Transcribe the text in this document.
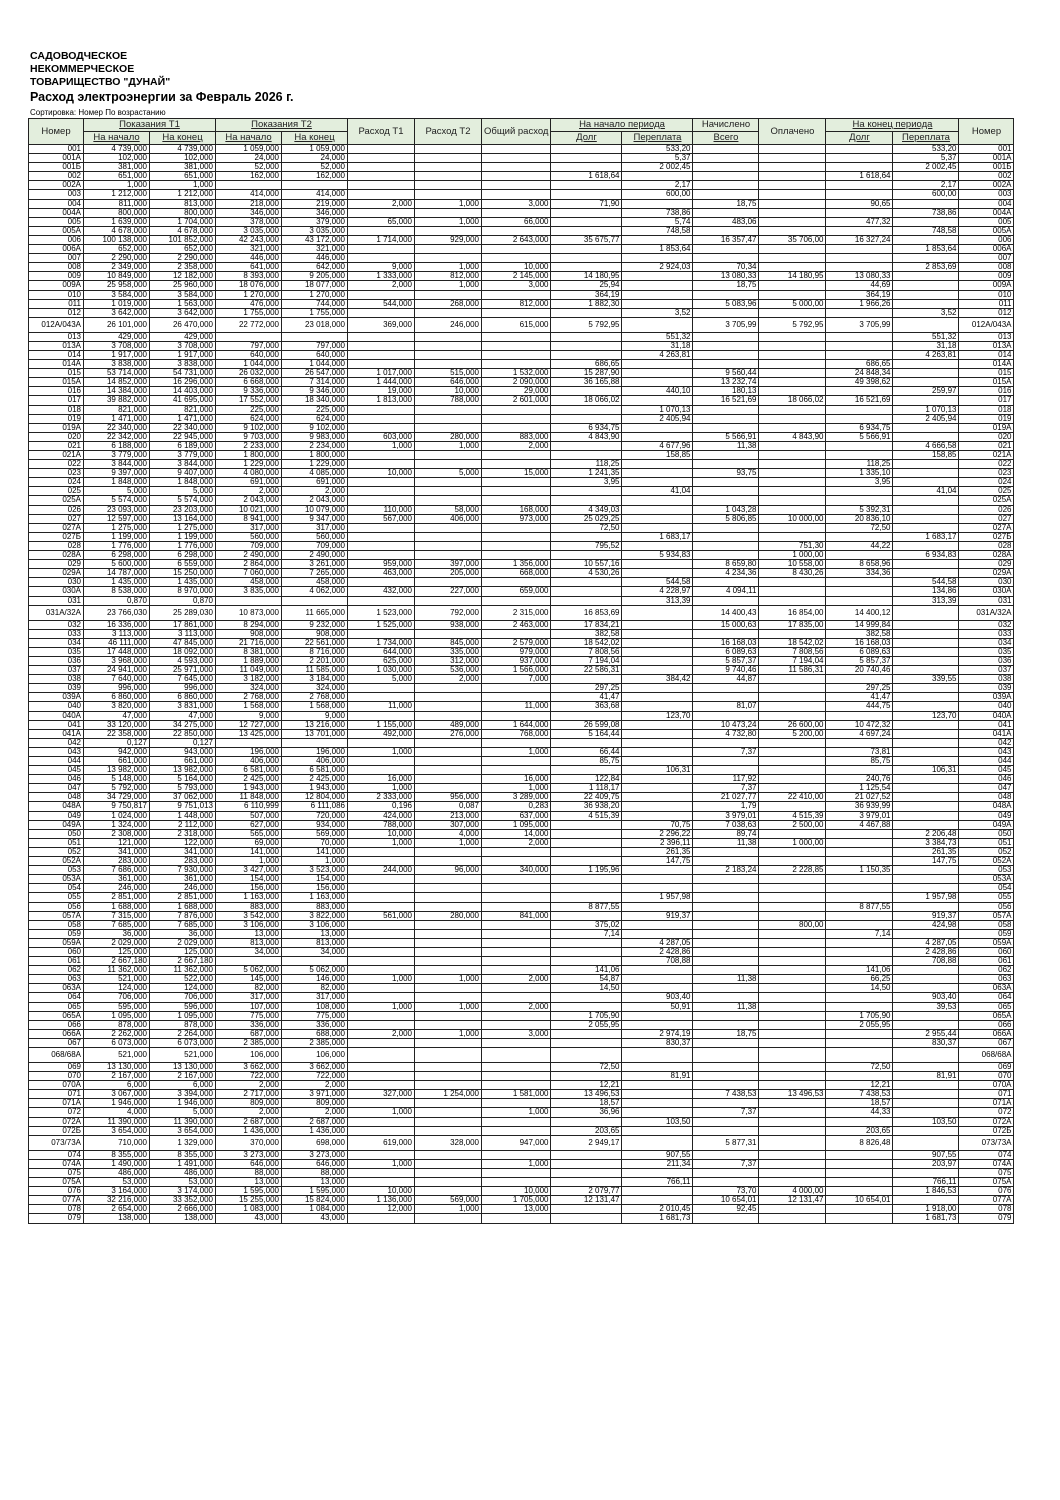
САДОВОДЧЕСКОЕ
НЕКОММЕРЧЕСКОЕ
ТОВАРИЩЕСТВО "ДУНАЙ"
Расход электроэнергии за Февраль 2026 г.
Сортировка: Номер По возрастанию
Номер	Показания Т1		Показания Т2		Расход Т1	Расход Т2	Общий расход	На начало периода		Начислено	Оплачено	На конец периода		Номер
	На начало	На конец	На начало	На конец				Долг	Переплата	Всего		Долг	Переплата	
001	4 739,000	4 739,000	1 059,000	1 059,000					533,20				533,20	001
001А	102,000	102,000	24,000	24,000					5,37				5,37	001А
001Б	381,000	381,000	52,000	52,000					2 002,45				2 002,45	001Б
002	651,000	651,000	162,000	162,000				1 618,64				1 618,64		002
002А	1,000	1,000							2,17				2,17	002А
003	1 212,000	1 212,000	414,000	414,000					600,00				600,00	003
004	811,000	813,000	218,000	219,000	2,000	1,000	3,000	71,90		18,75		90,65		004
004А	800,000	800,000	346,000	346,000					738,86				738,86	004А
005	1 639,000	1 704,000	378,000	379,000	65,000	1,000	66,000		5,74	483,06		477,32		005
005А	4 678,000	4 678,000	3 035,000	3 035,000					748,58				748,58	005А
006	100 138,000	101 852,000	42 243,000	43 172,000	1 714,000	929,000	2 643,000	35 675,77		16 357,47	35 706,00	16 327,24		006
006А	652,000	652,000	321,000	321,000					1 853,64				1 853,64	006А
007	2 290,000	2 290,000	446,000	446,000										007
008	2 349,000	2 358,000	641,000	642,000	9,000	1,000	10,000		2 924,03	70,34			2 853,69	008
009	10 849,000	12 182,000	8 393,000	9 205,000	1 333,000	812,000	2 145,000	14 180,95		13 080,33	14 180,95	13 080,33		009
009А	25 958,000	25 960,000	18 076,000	18 077,000	2,000	1,000	3,000	25,94		18,75		44,69		009А
010	3 584,000	3 584,000	1 270,000	1 270,000				364,19				364,19		010
011	1 019,000	1 563,000	476,000	744,000	544,000	268,000	812,000	1 882,30		5 083,96	5 000,00	1 966,26		011
012	3 642,000	3 642,000	1 755,000	1 755,000					3,52				3,52	012
012А/043А	26 101,000	26 470,000	22 772,000	23 018,000	369,000	246,000	615,000	5 792,95		3 705,99	5 792,95	3 705,99		012А/043А
013	429,000	429,000							551,32				551,32	013
013А	3 708,000	3 708,000	797,000	797,000					31,18				31,18	013А
014	1 917,000	1 917,000	640,000	640,000					4 263,81				4 263,81	014
014А	3 838,000	3 838,000	1 044,000	1 044,000				686,65				686,65		014А
015	53 714,000	54 731,000	26 032,000	26 547,000	1 017,000	515,000	1 532,000	15 287,90		9 560,44		24 848,34		015
015А	14 852,000	16 296,000	6 668,000	7 314,000	1 444,000	646,000	2 090,000	36 165,88		13 232,74		49 398,62		015А
016	14 384,000	14 403,000	9 336,000	9 346,000	19,000	10,000	29,000		440,10	180,13			259,97	016
017	39 882,000	41 695,000	17 552,000	18 340,000	1 813,000	788,000	2 601,000	18 066,02		16 521,69	18 066,02	16 521,69		017
018	821,000	821,000	225,000	225,000					1 070,13				1 070,13	018
019	1 471,000	1 471,000	624,000	624,000					2 405,94				2 405,94	019
019А	22 340,000	22 340,000	9 102,000	9 102,000				6 934,75				6 934,75		019А
020	22 342,000	22 945,000	9 703,000	9 983,000	603,000	280,000	883,000	4 843,90		5 566,91	4 843,90	5 566,91		020
021	6 188,000	6 189,000	2 233,000	2 234,000	1,000	1,000	2,000		4 677,96	11,38			4 666,58	021
021А	3 779,000	3 779,000	1 800,000	1 800,000					158,85				158,85	021А
022	3 844,000	3 844,000	1 229,000	1 229,000				118,25				118,25		022
023	9 397,000	9 407,000	4 080,000	4 085,000	10,000	5,000	15,000	1 241,35		93,75		1 335,10		023
024	1 848,000	1 848,000	691,000	691,000				3,95				3,95		024
025	5,000	5,000	2,000	2,000					41,04				41,04	025
025А	5 574,000	5 574,000	2 043,000	2 043,000										025А
026	23 093,000	23 203,000	10 021,000	10 079,000	110,000	58,000	168,000	4 349,03		1 043,28		5 392,31		026
027	12 597,000	13 164,000	8 941,000	9 347,000	567,000	406,000	973,000	25 029,25		5 806,85	10 000,00	20 836,10		027
027А	1 275,000	1 275,000	317,000	317,000				72,50				72,50		027А
027Б	1 199,000	1 199,000	560,000	560,000					1 683,17				1 683,17	027Б
028	1 776,000	1 776,000	709,000	709,000				795,52			751,30	44,22		028
028А	6 298,000	6 298,000	2 490,000	2 490,000					5 934,83		1 000,00		6 934,83	028А
029	5 600,000	6 559,000	2 864,000	3 261,000	959,000	397,000	1 356,000	10 557,16		8 659,80	10 558,00	8 658,96		029
029А	14 787,000	15 250,000	7 060,000	7 265,000	463,000	205,000	668,000	4 530,26		4 234,36	8 430,26	334,36		029А
030	1 435,000	1 435,000	458,000	458,000					544,58				544,58	030
030А	8 538,000	8 970,000	3 835,000	4 062,000	432,000	227,000	659,000		4 228,97	4 094,11			134,86	030А
031	0,870	0,870							313,39				313,39	031
031А/32А	23 766,030	25 289,030	10 873,000	11 665,000	1 523,000	792,000	2 315,000	16 853,69		14 400,43	16 854,00	14 400,12		031А/32А
032	16 336,000	17 861,000	8 294,000	9 232,000	1 525,000	938,000	2 463,000	17 834,21		15 000,63	17 835,00	14 999,84		032
033	3 113,000	3 113,000	908,000	908,000				382,58				382,58		033
034	46 111,000	47 845,000	21 716,000	22 561,000	1 734,000	845,000	2 579,000	18 542,02		16 168,03	18 542,02	16 168,03		034
035	17 448,000	18 092,000	8 381,000	8 716,000	644,000	335,000	979,000	7 808,56		6 089,63	7 808,56	6 089,63		035
036	3 968,000	4 593,000	1 889,000	2 201,000	625,000	312,000	937,000	7 194,04		5 857,37	7 194,04	5 857,37		036
037	24 941,000	25 971,000	11 049,000	11 585,000	1 030,000	536,000	1 566,000	22 586,31		9 740,46	11 586,31	20 740,46		037
038	7 640,000	7 645,000	3 182,000	3 184,000	5,000	2,000	7,000		384,42	44,87			339,55	038
039	996,000	996,000	324,000	324,000				297,25				297,25		039
039А	6 860,000	6 860,000	2 768,000	2 768,000				41,47				41,47		039А
040	3 820,000	3 831,000	1 568,000	1 568,000	11,000		11,000	363,68		81,07		444,75		040
040А	47,000	47,000	9,000	9,000					123,70				123,70	040А
041	33 120,000	34 275,000	12 727,000	13 216,000	1 155,000	489,000	1 644,000	26 599,08		10 473,24	26 600,00	10 472,32		041
041А	22 358,000	22 850,000	13 425,000	13 701,000	492,000	276,000	768,000	5 164,44		4 732,80	5 200,00	4 697,24		041А
042	0,127	0,127												042
043	942,000	943,000	196,000	196,000	1,000		1,000	66,44		7,37		73,81		043
044	661,000	661,000	406,000	406,000				85,75				85,75		044
045	13 982,000	13 982,000	6 581,000	6 581,000					106,31				106,31	045
046	5 148,000	5 164,000	2 425,000	2 425,000	16,000		16,000	122,84		117,92		240,76		046
047	5 792,000	5 793,000	1 943,000	1 943,000	1,000		1,000	1 118,17		7,37		1 125,54		047
048	34 729,000	37 062,000	11 848,000	12 804,000	2 333,000	956,000	3 289,000	22 409,75		21 027,77	22 410,00	21 027,52		048
048А	9 750,817	9 751,013	6 110,999	6 111,086	0,196	0,087	0,283	36 938,20		1,79		36 939,99		048А
049	1 024,000	1 448,000	507,000	720,000	424,000	213,000	637,000	4 515,39		3 979,01	4 515,39	3 979,01		049
049А	1 324,000	2 112,000	627,000	934,000	788,000	307,000	1 095,000		70,75	7 038,63	2 500,00	4 467,88		049А
050	2 308,000	2 318,000	565,000	569,000	10,000	4,000	14,000		2 296,22	89,74			2 206,48	050
051	121,000	122,000	69,000	70,000	1,000	1,000	2,000		2 396,11	11,38	1 000,00		3 384,73	051
052	341,000	341,000	141,000	141,000					261,35				261,35	052
052А	283,000	283,000	1,000	1,000					147,75				147,75	052А
053	7 686,000	7 930,000	3 427,000	3 523,000	244,000	96,000	340,000	1 195,96		2 183,24	2 228,85	1 150,35		053
053А	361,000	361,000	154,000	154,000										053А
054	246,000	246,000	156,000	156,000										054
055	2 851,000	2 851,000	1 163,000	1 163,000					1 957,98				1 957,98	055
056	1 688,000	1 688,000	883,000	883,000				8 877,55				8 877,55		056
057А	7 315,000	7 876,000	3 542,000	3 822,000	561,000	280,000	841,000		919,37				919,37	057А
058	7 685,000	7 685,000	3 106,000	3 106,000				375,02			800,00		424,98	058
059	36,000	36,000	13,000	13,000				7,14				7,14		059
059А	2 029,000	2 029,000	813,000	813,000					4 287,05				4 287,05	059А
060	125,000	125,000	34,000	34,000					2 428,86				2 428,86	060
061	2 667,180	2 667,180							708,88				708,88	061
062	11 362,000	11 362,000	5 062,000	5 062,000				141,06				141,06		062
063	521,000	522,000	145,000	146,000	1,000	1,000	2,000	54,87		11,38		66,25		063
063А	124,000	124,000	82,000	82,000				14,50				14,50		063А
064	706,000	706,000	317,000	317,000					903,40				903,40	064
065	595,000	596,000	107,000	108,000	1,000	1,000	2,000		50,91	11,38			39,53	065
065А	1 095,000	1 095,000	775,000	775,000				1 705,90				1 705,90		065А
066	878,000	878,000	336,000	336,000				2 055,95				2 055,95		066
066А	2 262,000	2 264,000	687,000	688,000	2,000	1,000	3,000		2 974,19	18,75			2 955,44	066А
067	6 073,000	6 073,000	2 385,000	2 385,000					830,37				830,37	067
068/68А	521,000	521,000	106,000	106,000										068/68А
069	13 130,000	13 130,000	3 662,000	3 662,000				72,50				72,50		069
070	2 167,000	2 167,000	722,000	722,000					81,91				81,91	070
070А	6,000	6,000	2,000	2,000				12,21				12,21		070А
071	3 067,000	3 394,000	2 717,000	3 971,000	327,000	1 254,000	1 581,000	13 496,53		7 438,53	13 496,53	7 438,53		071
071А	1 946,000	1 946,000	809,000	809,000				18,57				18,57		071А
072	4,000	5,000	2,000	2,000	1,000		1,000	36,96		7,37		44,33		072
072А	11 390,000	11 390,000	2 687,000	2 687,000					103,50				103,50	072А
072Б	3 654,000	3 654,000	1 436,000	1 436,000				203,65				203,65		072Б
073/73А	710,000	1 329,000	370,000	698,000	619,000	328,000	947,000	2 949,17		5 877,31		8 826,48		073/73А
074	8 355,000	8 355,000	3 273,000	3 273,000					907,55				907,55	074
074А	1 490,000	1 491,000	646,000	646,000	1,000		1,000		211,34	7,37			203,97	074А
075	486,000	486,000	88,000	88,000										075
075А	53,000	53,000	13,000	13,000					766,11				766,11	075А
076	3 164,000	3 174,000	1 595,000	1 595,000	10,000		10,000	2 079,77		73,70	4 000,00		1 846,53	076
077А	32 216,000	33 352,000	15 255,000	15 824,000	1 136,000	569,000	1 705,000	12 131,47		10 654,01	12 131,47	10 654,01		077А
078	2 654,000	2 666,000	1 083,000	1 084,000	12,000	1,000	13,000		2 010,45	92,45			1 918,00	078
079	138,000	138,000	43,000	43,000					1 681,73				1 681,73	079
